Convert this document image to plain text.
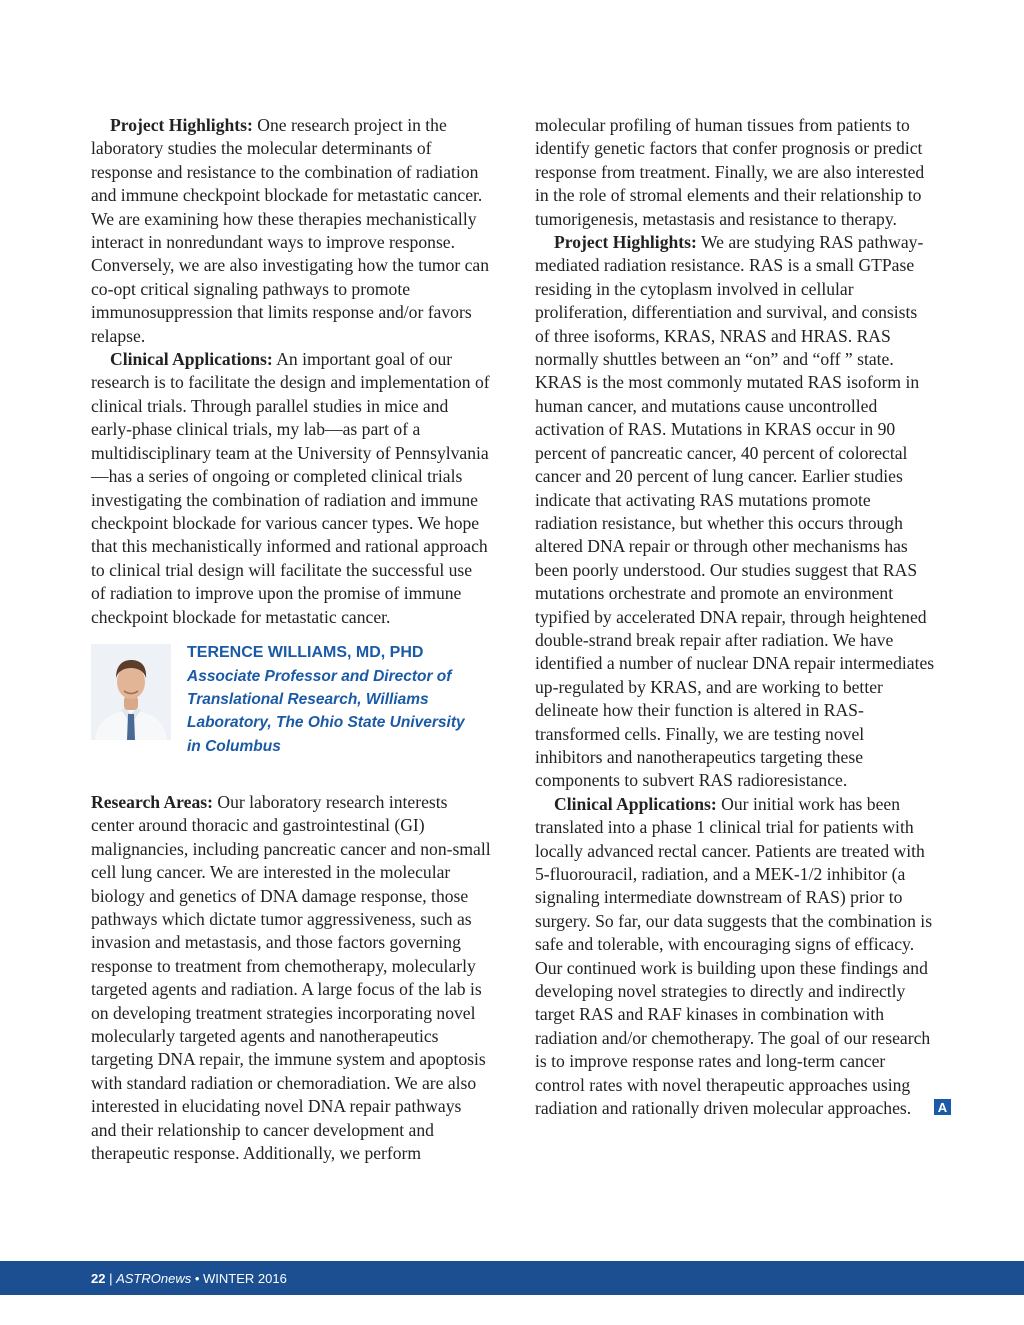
Project Highlights: One research project in the laboratory studies the molecular determinants of response and resistance to the combination of radiation and immune checkpoint blockade for metastatic cancer. We are examining how these therapies mechanistically interact in nonredundant ways to improve response. Conversely, we are also investigating how the tumor can co-opt critical signaling pathways to promote immunosuppression that limits response and/or favors relapse.

Clinical Applications: An important goal of our research is to facilitate the design and implementation of clinical trials. Through parallel studies in mice and early-phase clinical trials, my lab—as part of a multidisciplinary team at the University of Pennsylvania—has a series of ongoing or completed clinical trials investigating the combination of radiation and immune checkpoint blockade for various cancer types. We hope that this mechanistically informed and rational approach to clinical trial design will facilitate the successful use of radiation to improve upon the promise of immune checkpoint blockade for metastatic cancer.

TERENCE WILLIAMS, MD, PHD
Associate Professor and Director of
Translational Research, Williams
Laboratory, The Ohio State University
in Columbus

Research Areas: Our laboratory research interests center around thoracic and gastrointestinal (GI) malignancies, including pancreatic cancer and non-small cell lung cancer. We are interested in the molecular biology and genetics of DNA damage response, those pathways which dictate tumor aggressiveness, such as invasion and metastasis, and those factors governing response to treatment from chemotherapy, molecularly targeted agents and radiation. A large focus of the lab is on developing treatment strategies incorporating novel molecularly targeted agents and nanotherapeutics targeting DNA repair, the immune system and apoptosis with standard radiation or chemoradiation. We are also interested in elucidating novel DNA repair pathways and their relationship to cancer development and therapeutic response. Additionally, we perform

molecular profiling of human tissues from patients to identify genetic factors that confer prognosis or predict response from treatment. Finally, we are also interested in the role of stromal elements and their relationship to tumorigenesis, metastasis and resistance to therapy.

Project Highlights: We are studying RAS pathway-mediated radiation resistance. RAS is a small GTPase residing in the cytoplasm involved in cellular proliferation, differentiation and survival, and consists of three isoforms, KRAS, NRAS and HRAS. RAS normally shuttles between an “on” and “off ” state. KRAS is the most commonly mutated RAS isoform in human cancer, and mutations cause uncontrolled activation of RAS. Mutations in KRAS occur in 90 percent of pancreatic cancer, 40 percent of colorectal cancer and 20 percent of lung cancer. Earlier studies indicate that activating RAS mutations promote radiation resistance, but whether this occurs through altered DNA repair or through other mechanisms has been poorly understood. Our studies suggest that RAS mutations orchestrate and promote an environment typified by accelerated DNA repair, through heightened double-strand break repair after radiation. We have identified a number of nuclear DNA repair intermediates up-regulated by KRAS, and are working to better delineate how their function is altered in RAS-transformed cells. Finally, we are testing novel inhibitors and nanotherapeutics targeting these components to subvert RAS radioresistance.

Clinical Applications: Our initial work has been translated into a phase 1 clinical trial for patients with locally advanced rectal cancer. Patients are treated with 5-fluorouracil, radiation, and a MEK-1/2 inhibitor (a signaling intermediate downstream of RAS) prior to surgery. So far, our data suggests that the combination is safe and tolerable, with encouraging signs of efficacy. Our continued work is building upon these findings and developing novel strategies to directly and indirectly target RAS and RAF kinases in combination with radiation and/or chemotherapy. The goal of our research is to improve response rates and long-term cancer control rates with novel therapeutic approaches using radiation and rationally driven molecular approaches. A

22 | ASTROnews • WINTER 2016
